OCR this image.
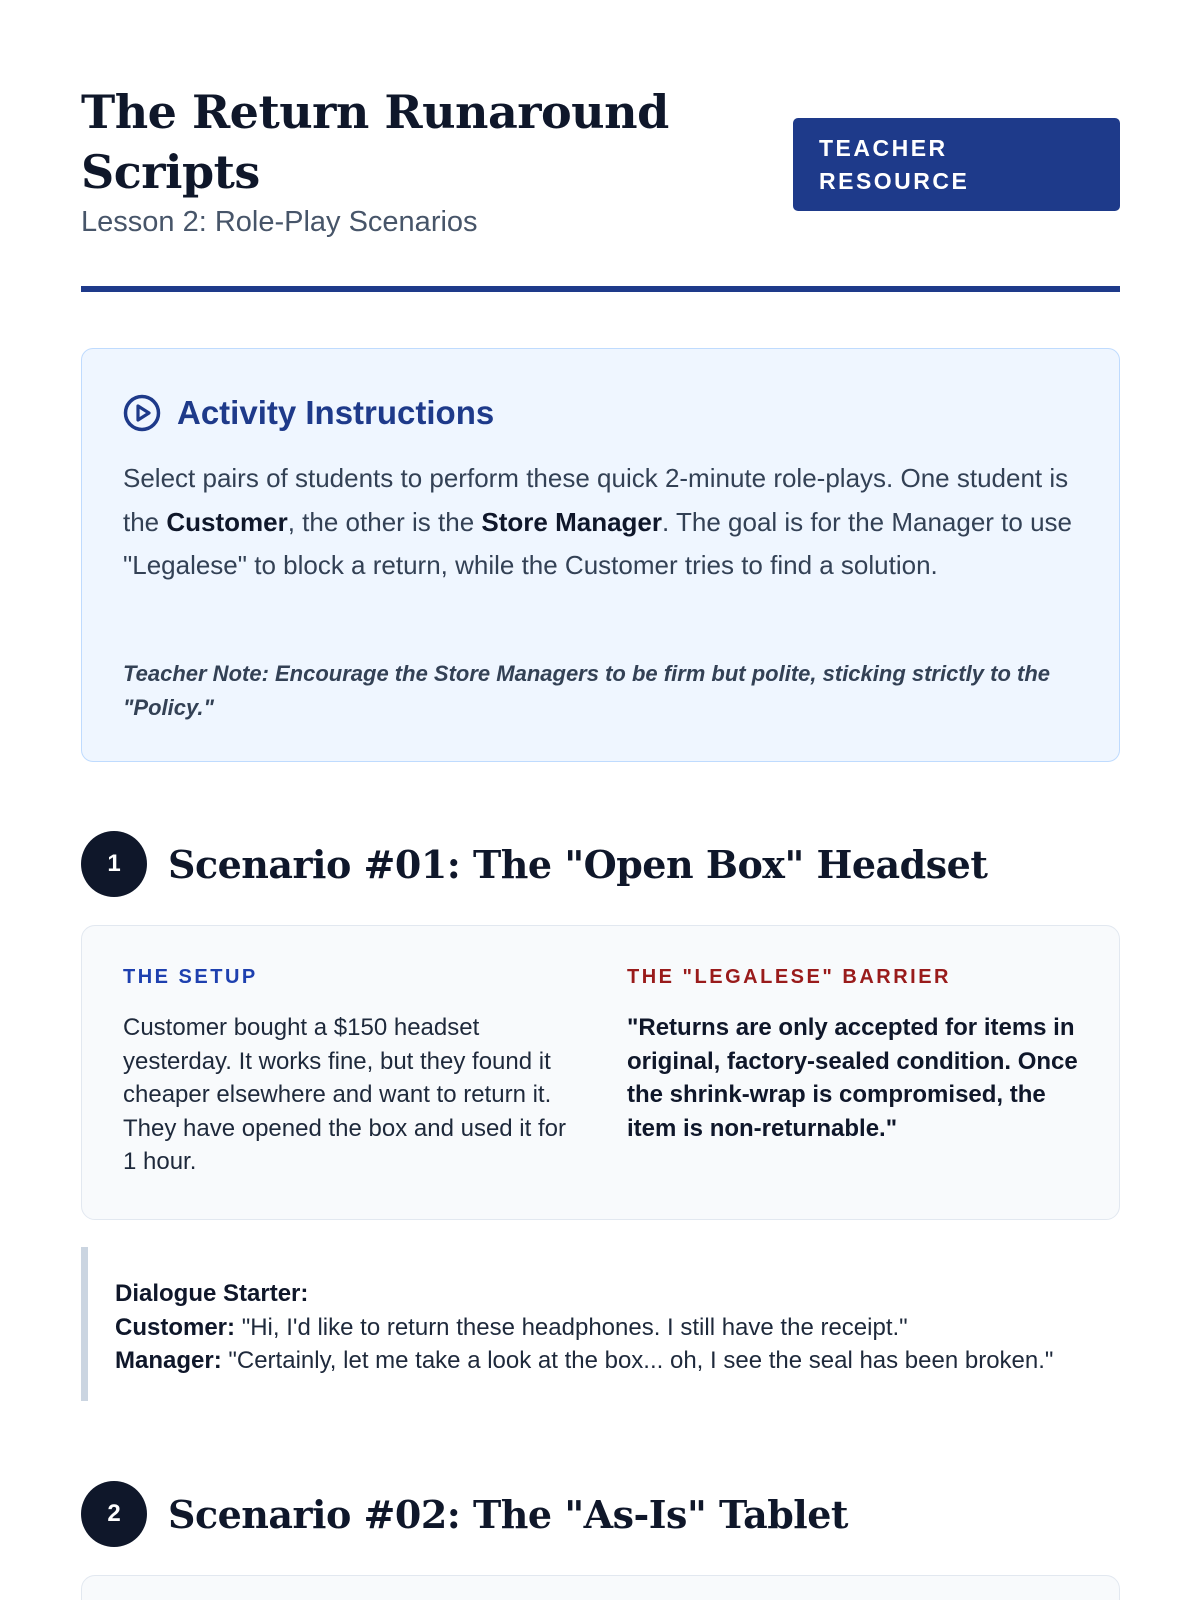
The Return Runaround Scripts
Lesson 2: Role-Play Scenarios
TEACHER RESOURCE
Activity Instructions

Select pairs of students to perform these quick 2-minute role-plays. One student is the Customer, the other is the Store Manager. The goal is for the Manager to use "Legalese" to block a return, while the Customer tries to find a solution.

Teacher Note: Encourage the Store Managers to be firm but polite, sticking strictly to the "Policy."

1	Scenario #01: The "Open Box" Headset
THE SETUP

Customer bought a $150 headset yesterday. It works fine, but they found it cheaper elsewhere and want to return it. They have opened the box and used it for 1 hour.

THE "LEGALESE" BARRIER

"Returns are only accepted for items in original, factory-sealed condition. Once the shrink-wrap is compromised, the item is non-returnable."

Dialogue Starter:
Customer: "Hi, I'd like to return these headphones. I still have the receipt."
Manager: "Certainly, let me take a look at the box... oh, I see the seal has been broken."
2	Scenario #02: The "As-Is" Tablet
